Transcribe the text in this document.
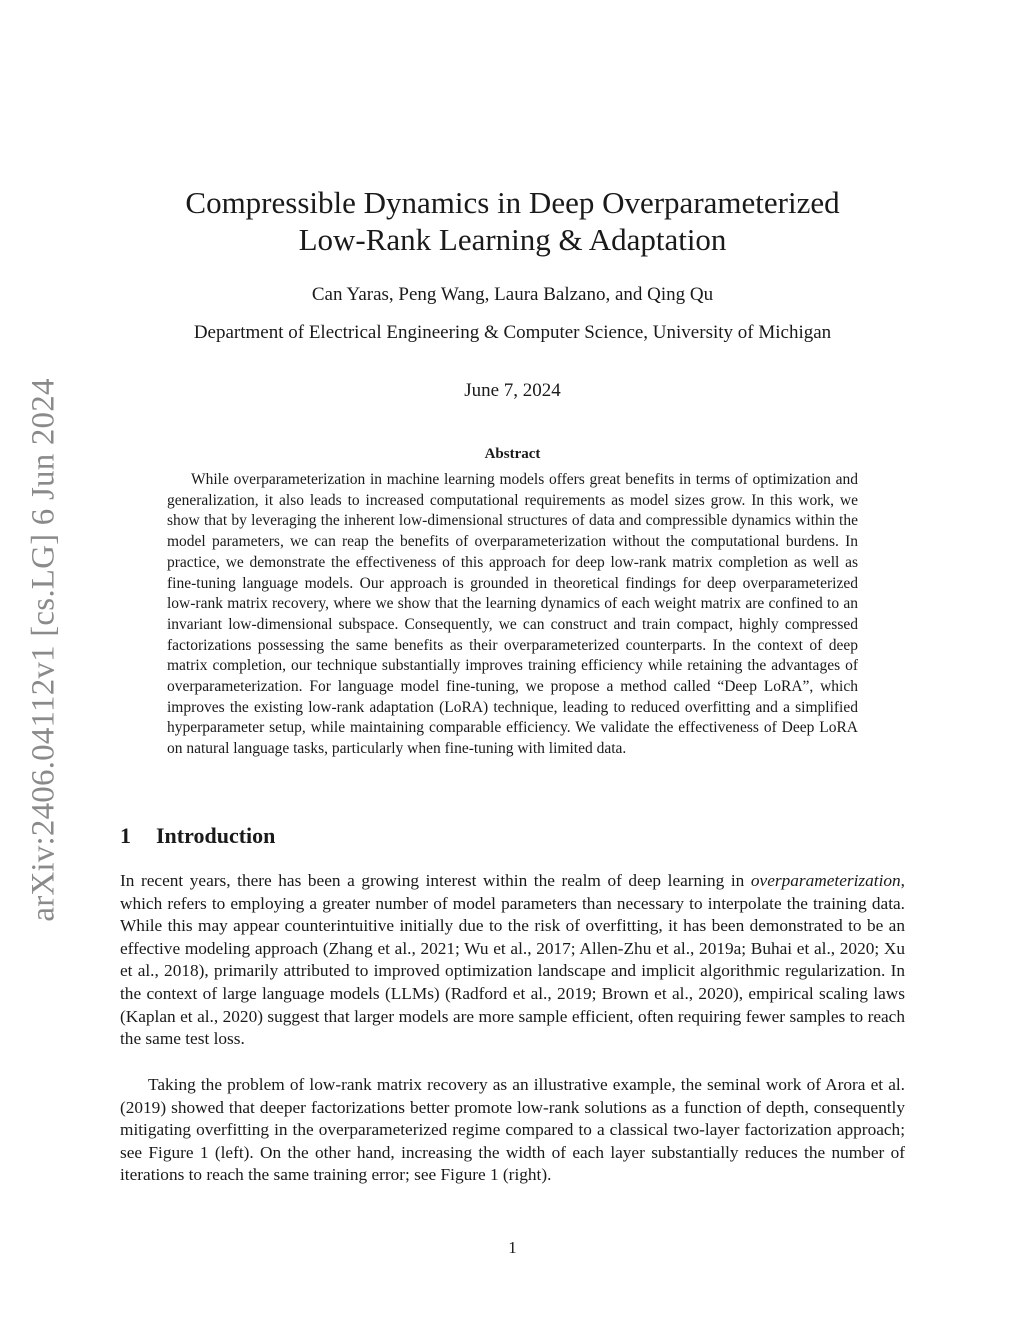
arXiv:2406.04112v1 [cs.LG] 6 Jun 2024
Compressible Dynamics in Deep Overparameterized
Low-Rank Learning & Adaptation
Can Yaras, Peng Wang, Laura Balzano, and Qing Qu
Department of Electrical Engineering & Computer Science, University of Michigan
June 7, 2024
Abstract

While overparameterization in machine learning models offers great benefits in terms of optimization and generalization, it also leads to increased computational requirements as model sizes grow. In this work, we show that by leveraging the inherent low-dimensional structures of data and compressible dynamics within the model parameters, we can reap the benefits of overparameterization without the computational burdens. In practice, we demonstrate the effectiveness of this approach for deep low-rank matrix completion as well as fine-tuning language models. Our approach is grounded in theoretical findings for deep overparameterized low-rank matrix recovery, where we show that the learning dynamics of each weight matrix are confined to an invariant low-dimensional subspace. Consequently, we can construct and train compact, highly compressed factorizations possessing the same benefits as their overparameterized counterparts. In the context of deep matrix completion, our technique substantially improves training efficiency while retaining the advantages of overparameterization. For language model fine-tuning, we propose a method called “Deep LoRA”, which improves the existing low-rank adaptation (LoRA) technique, leading to reduced overfitting and a simplified hyperparameter setup, while maintaining comparable efficiency. We validate the effectiveness of Deep LoRA on natural language tasks, particularly when fine-tuning with limited data.

1 Introduction

In recent years, there has been a growing interest within the realm of deep learning in overparameterization, which refers to employing a greater number of model parameters than necessary to interpolate the training data. While this may appear counterintuitive initially due to the risk of overfitting, it has been demonstrated to be an effective modeling approach (Zhang et al., 2021; Wu et al., 2017; Allen-Zhu et al., 2019a; Buhai et al., 2020; Xu et al., 2018), primarily attributed to improved optimization landscape and implicit algorithmic regularization. In the context of large language models (LLMs) (Radford et al., 2019; Brown et al., 2020), empirical scaling laws (Kaplan et al., 2020) suggest that larger models are more sample efficient, often requiring fewer samples to reach the same test loss.

Taking the problem of low-rank matrix recovery as an illustrative example, the seminal work of Arora et al. (2019) showed that deeper factorizations better promote low-rank solutions as a function of depth, consequently mitigating overfitting in the overparameterized regime compared to a classical two-layer factorization approach; see Figure 1 (left). On the other hand, increasing the width of each layer substantially reduces the number of iterations to reach the same training error; see Figure 1 (right).

1
